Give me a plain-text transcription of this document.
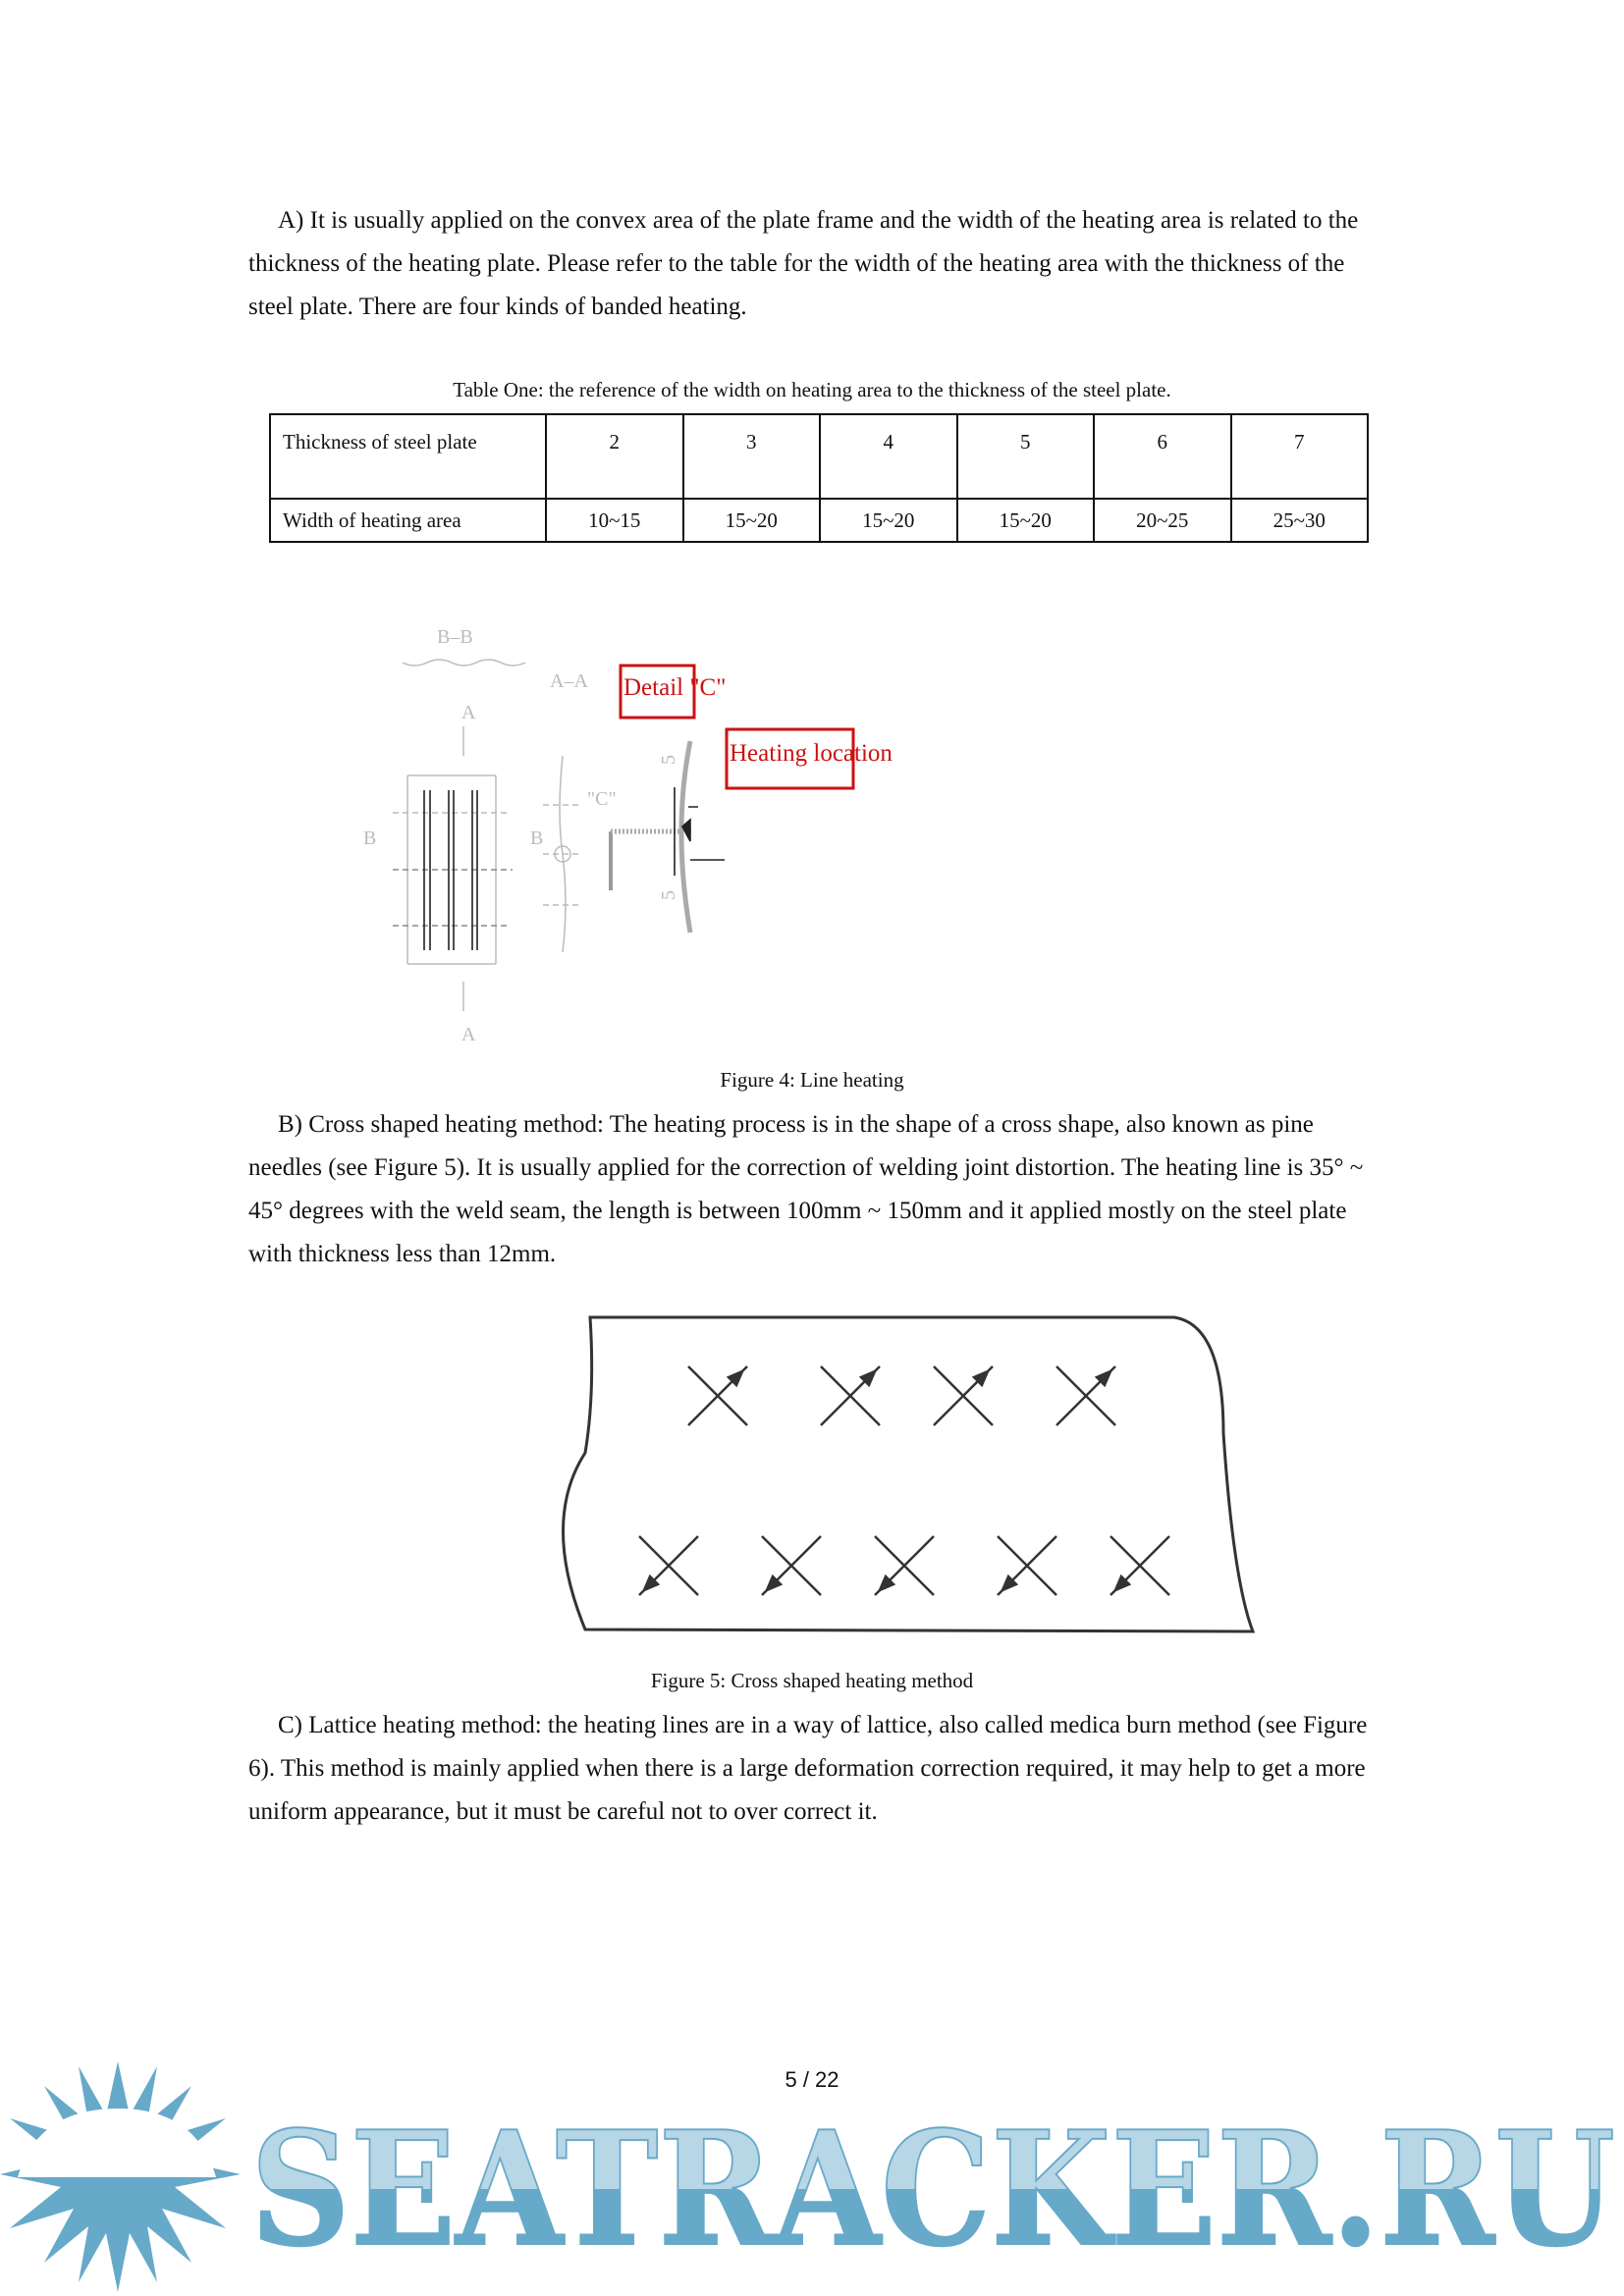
A) It is usually applied on the convex area of the plate frame and the width of the heating area is related to the thickness of the heating plate. Please refer to the table for the width of the heating area with the thickness of the steel plate. There are four kinds of banded heating.

Table One: the reference of the width on heating area to the thickness of the steel plate.
Thickness of steel plate	2	3	4	5	6	7
Width of heating area	10~15	15~20	15~20	15~20	20~25	25~30
B–B
A–A
A
A
B	B
"C"
5
5
Detail "C"
Heating location
Figure 4: Line heating

B) Cross shaped heating method: The heating process is in the shape of a cross shape, also known as pine needles (see Figure 5). It is usually applied for the correction of welding joint distortion. The heating line is 35° ~ 45° degrees with the weld seam, the length is between 100mm ~ 150mm and it applied mostly on the steel plate with thickness less than 12mm.

Figure 5: Cross shaped heating method

C) Lattice heating method: the heating lines are in a way of lattice, also called medica burn method (see Figure 6). This method is mainly applied when there is a large deformation correction required, it may help to get a more uniform appearance, but it must be careful not to over correct it.

5 / 22
SEATRACKER.RU
